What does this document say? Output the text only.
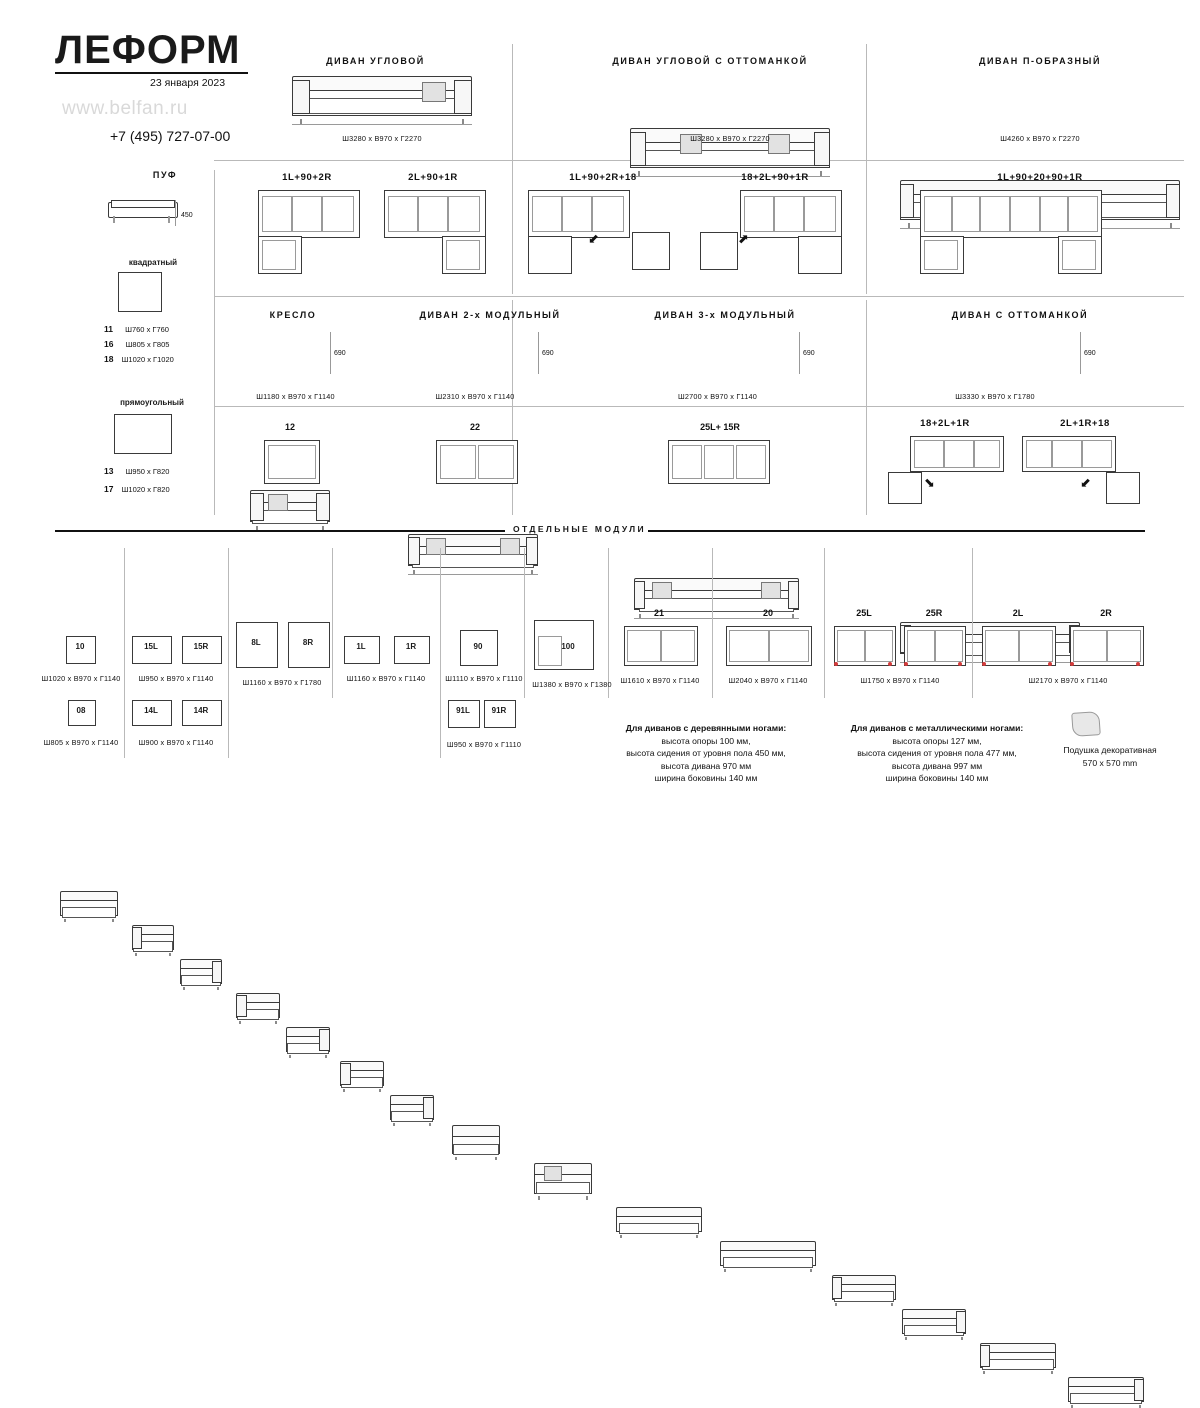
ЛЕФОРМ
23 января 2023
www.belfan.ru
+7 (495) 727-07-00
ПУФ
450
квадратный
11 Ш760 x Г760
16 Ш805 x Г805
18 Ш1020 x Г1020
прямоугольный
13 Ш950 x Г820
17 Ш1020 x Г820
ДИВАН УГЛОВОЙ
Ш3280 x В970 x Г2270
1L+90+2R	2L+90+1R
ДИВАН УГЛОВОЙ С ОТТОМАНКОЙ
Ш3280 x В970 x Г2270
1L+90+2R+18
⬋
18+2L+90+1R
⬈
ДИВАН П-ОБРАЗНЫЙ
Ш4260 x В970 x Г2270
1L+90+20+90+1R
КРЕСЛО
690
Ш1180 x В970 x Г1140
12
ДИВАН 2-х МОДУЛЬНЫЙ
690
Ш2310 x В970 x Г1140
22
ДИВАН 3-х МОДУЛЬНЫЙ
690
Ш2700 x В970 x Г1140
25L+ 15R
ДИВАН С ОТТОМАНКОЙ
690
Ш3330 x В970 x Г1780
18+2L+1R
⬊
2L+1R+18
⬋
ОТДЕЛЬНЫЕ МОДУЛИ
10
Ш1020 x В970 x Г1140
08
Ш805 x В970 x Г1140
15L	15R
Ш950 x В970 x Г1140
14L	14R
Ш900 x В970 x Г1140
8L	8R
Ш1160 x В970 x Г1780
1L	1R
Ш1160 x В970 x Г1140
90
Ш1110 x В970 x Г1110
91L	91R
Ш950 x В970 x Г1110
100
Ш1380 x В970 x Г1380
21
Ш1610 x В970 x Г1140
20
Ш2040 x В970 x Г1140
25L	25R
Ш1750 x В970 x Г1140
2L	2R
Ш2170 x В970 x Г1140
Для диванов с деревянными ногами:
высота опоры 100 мм,
высота сидения от уровня пола 450 мм,
высота дивана 970 мм
ширина боковины 140 мм
Для диванов с металлическими ногами:
высота опоры 127 мм,
высота сидения от уровня пола 477 мм,
высота дивана 997 мм
ширина боковины 140 мм
Подушка декоративная
570 x 570 mm
